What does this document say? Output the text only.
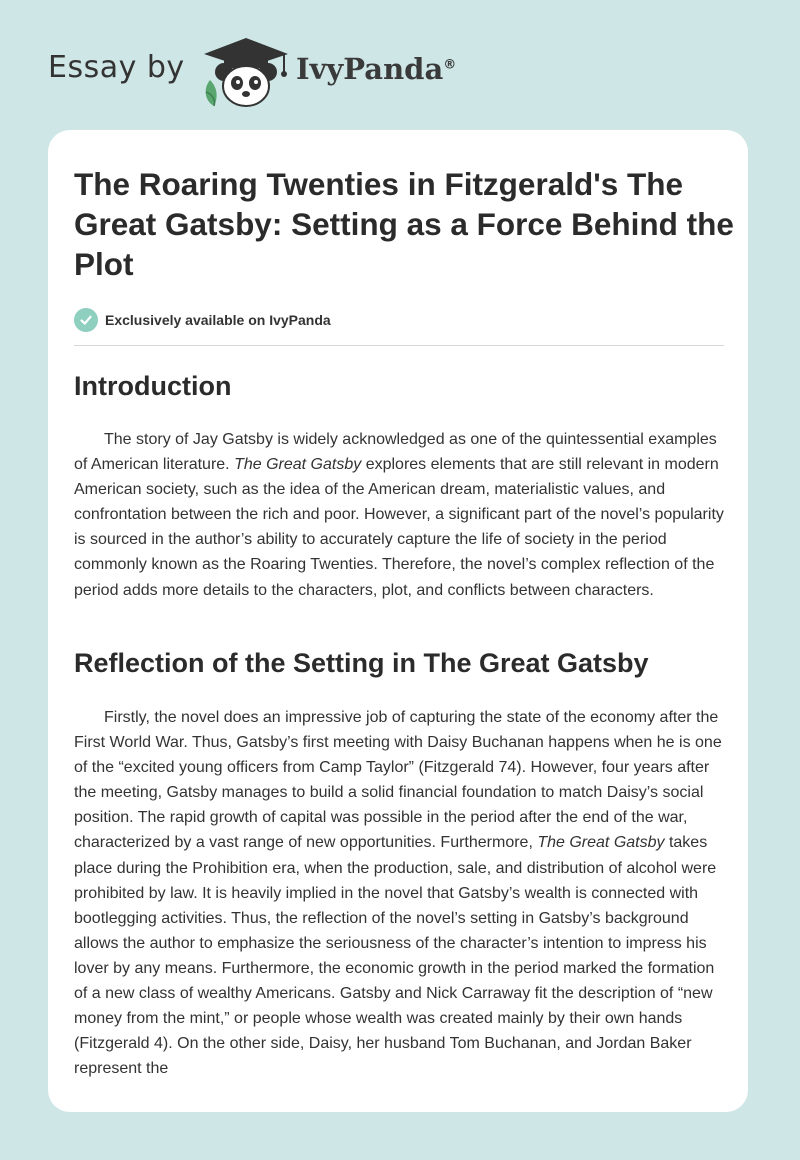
Essay by	IvyPanda®
The Roaring Twenties in Fitzgerald's The Great Gatsby: Setting as a Force Behind the Plot
Exclusively available on IvyPanda
Introduction

The story of Jay Gatsby is widely acknowledged as one of the quintessential examples of American literature. The Great Gatsby explores elements that are still relevant in modern American society, such as the idea of the American dream, materialistic values, and confrontation between the rich and poor. However, a significant part of the novel’s popularity is sourced in the author’s ability to accurately capture the life of society in the period commonly known as the Roaring Twenties. Therefore, the novel’s complex reflection of the period adds more details to the characters, plot, and conflicts between characters.

Reflection of the Setting in The Great Gatsby

Firstly, the novel does an impressive job of capturing the state of the economy after the First World War. Thus, Gatsby’s first meeting with Daisy Buchanan happens when he is one of the “excited young officers from Camp Taylor” (Fitzgerald 74). However, four years after the meeting, Gatsby manages to build a solid financial foundation to match Daisy’s social position. The rapid growth of capital was possible in the period after the end of the war, characterized by a vast range of new opportunities. Furthermore, The Great Gatsby takes place during the Prohibition era, when the production, sale, and distribution of alcohol were prohibited by law. It is heavily implied in the novel that Gatsby’s wealth is connected with bootlegging activities. Thus, the reflection of the novel’s setting in Gatsby’s background allows the author to emphasize the seriousness of the character’s intention to impress his lover by any means. Furthermore, the economic growth in the period marked the formation of a new class of wealthy Americans. Gatsby and Nick Carraway fit the description of “new money from the mint,” or people whose wealth was created mainly by their own hands (Fitzgerald 4). On the other side, Daisy, her husband Tom Buchanan, and Jordan Baker represent the
